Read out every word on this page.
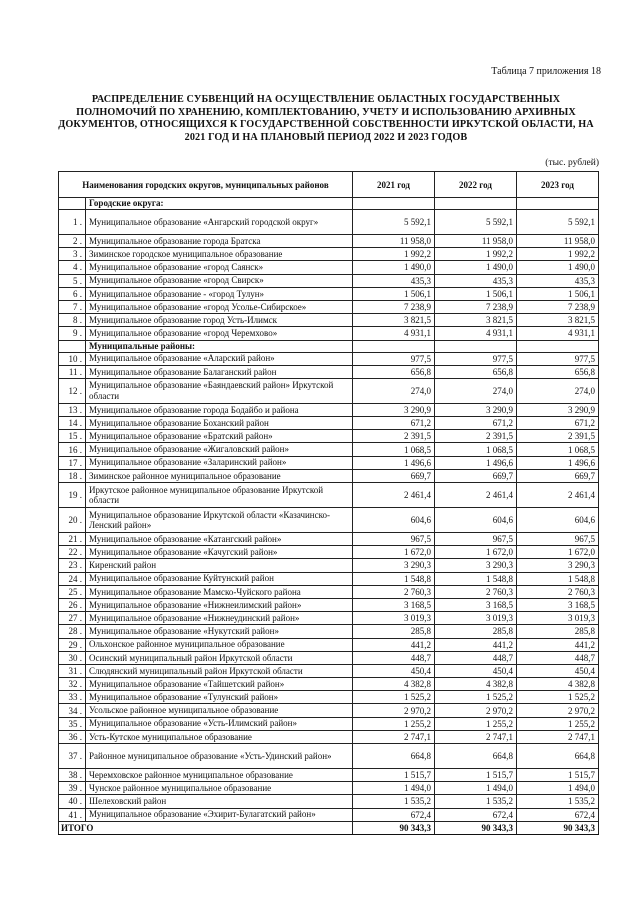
Таблица 7 приложения 18
РАСПРЕДЕЛЕНИЕ СУБВЕНЦИЙ НА ОСУЩЕСТВЛЕНИЕ ОБЛАСТНЫХ ГОСУДАРСТВЕННЫХ ПОЛНОМОЧИЙ ПО ХРАНЕНИЮ, КОМПЛЕКТОВАНИЮ, УЧЕТУ И ИСПОЛЬЗОВАНИЮ АРХИВНЫХ ДОКУМЕНТОВ, ОТНОСЯЩИХСЯ К ГОСУДАРСТВЕННОЙ СОБСТВЕННОСТИ ИРКУТСКОЙ ОБЛАСТИ, НА 2021 ГОД И НА ПЛАНОВЫЙ ПЕРИОД 2022 И 2023 ГОДОВ
(тыс. рублей)
Наименования городских округов, муниципальных районов		2021 год	2022 год	2023 год
	Городские округа:			
1 .	Муниципальное образование «Ангарский городской округ»	5 592,1	5 592,1	5 592,1
2 .	Муниципальное образование города Братска	11 958,0	11 958,0	11 958,0
3 .	Зиминское городское муниципальное образование	1 992,2	1 992,2	1 992,2
4 .	Муниципальное образование «город Саянск»	1 490,0	1 490,0	1 490,0
5 .	Муниципальное образование «город Свирск»	435,3	435,3	435,3
6 .	Муниципальное образование - «город Тулун»	1 506,1	1 506,1	1 506,1
7 .	Муниципальное образование «город Усолье-Сибирское»	7 238,9	7 238,9	7 238,9
8 .	Муниципальное образование город Усть-Илимск	3 821,5	3 821,5	3 821,5
9 .	Муниципальное образование «город Черемхово»	4 931,1	4 931,1	4 931,1
	Муниципальные районы:			
10 .	Муниципальное образование «Аларский район»	977,5	977,5	977,5
11 .	Муниципальное образование Балаганский район	656,8	656,8	656,8
12 .	Муниципальное образование «Баяндаевский район» Иркутской области	274,0	274,0	274,0
13 .	Муниципальное образование города Бодайбо и района	3 290,9	3 290,9	3 290,9
14 .	Муниципальное образование Боханский район	671,2	671,2	671,2
15 .	Муниципальное образование «Братский район»	2 391,5	2 391,5	2 391,5
16 .	Муниципальное образование «Жигаловский район»	1 068,5	1 068,5	1 068,5
17 .	Муниципальное образование «Заларинский район»	1 496,6	1 496,6	1 496,6
18 .	Зиминское районное муниципальное образование	669,7	669,7	669,7
19 .	Иркутское районное муниципальное образование Иркутской области	2 461,4	2 461,4	2 461,4
20 .	Муниципальное образование Иркутской области «Казачинско-Ленский район»	604,6	604,6	604,6
21 .	Муниципальное образование «Катангский район»	967,5	967,5	967,5
22 .	Муниципальное образование «Качугский район»	1 672,0	1 672,0	1 672,0
23 .	Киренский район	3 290,3	3 290,3	3 290,3
24 .	Муниципальное образование Куйтунский район	1 548,8	1 548,8	1 548,8
25 .	Муниципальное образование Мамско-Чуйского района	2 760,3	2 760,3	2 760,3
26 .	Муниципальное образование «Нижнеилимский район»	3 168,5	3 168,5	3 168,5
27 .	Муниципальное образование «Нижнеудинский район»	3 019,3	3 019,3	3 019,3
28 .	Муниципальное образование «Нукутский район»	285,8	285,8	285,8
29 .	Ольхонское районное муниципальное образование	441,2	441,2	441,2
30 .	Осинский муниципальный район Иркутской области	448,7	448,7	448,7
31 .	Слюдянский муниципальный район Иркутской области	450,4	450,4	450,4
32 .	Муниципальное образование «Тайшетский район»	4 382,8	4 382,8	4 382,8
33 .	Муниципальное образование «Тулунский район»	1 525,2	1 525,2	1 525,2
34 .	Усольское районное муниципальное образование	2 970,2	2 970,2	2 970,2
35 .	Муниципальное образование «Усть-Илимский район»	1 255,2	1 255,2	1 255,2
36 .	Усть-Кутское муниципальное образование	2 747,1	2 747,1	2 747,1
37 .	Районное муниципальное образование «Усть-Удинский район»	664,8	664,8	664,8
38 .	Черемховское районное муниципальное образование	1 515,7	1 515,7	1 515,7
39 .	Чунское районное муниципальное образование	1 494,0	1 494,0	1 494,0
40 .	Шелеховский район	1 535,2	1 535,2	1 535,2
41 .	Муниципальное образование «Эхирит-Булагатский район»	672,4	672,4	672,4
ИТОГО		90 343,3	90 343,3	90 343,3
